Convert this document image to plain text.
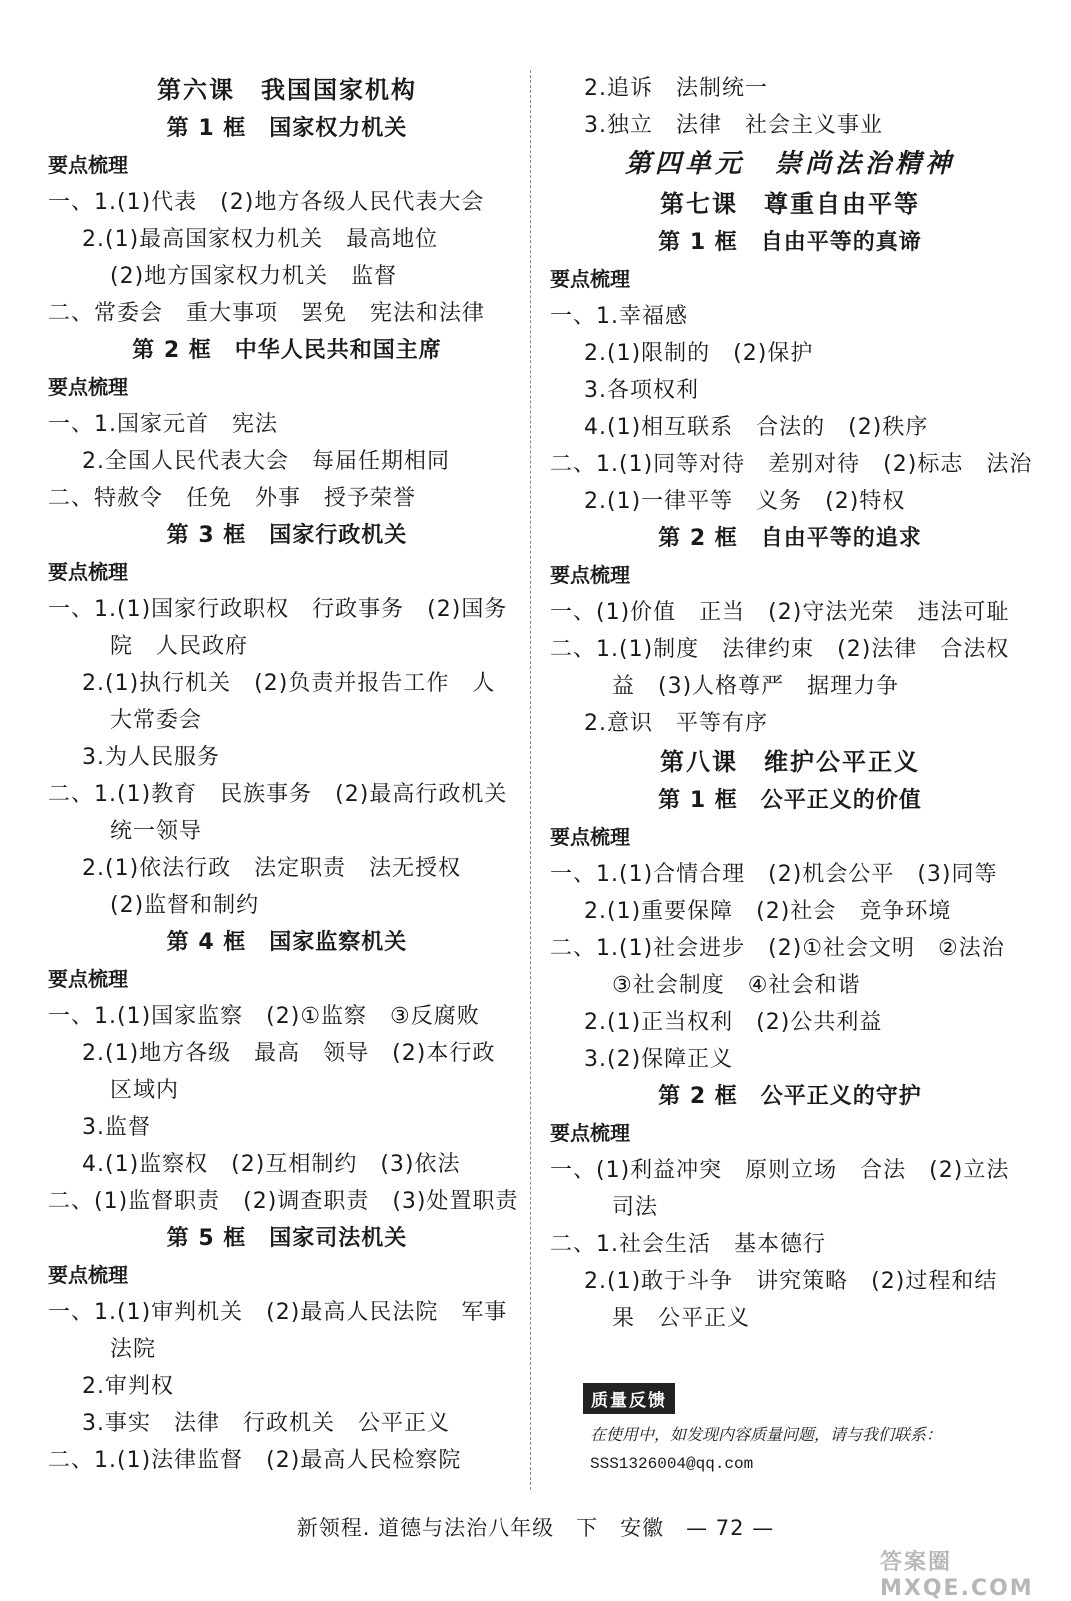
第六课　我国国家机构
第 1 框　国家权力机关
要点梳理
一、1.(1)代表　(2)地方各级人民代表大会
2.(1)最高国家权力机关　最高地位
(2)地方国家权力机关　监督
二、常委会　重大事项　罢免　宪法和法律
第 2 框　中华人民共和国主席
要点梳理
一、1.国家元首　宪法
2.全国人民代表大会　每届任期相同
二、特赦令　任免　外事　授予荣誉
第 3 框　国家行政机关
要点梳理
一、1.(1)国家行政职权　行政事务　(2)国务
院　人民政府
2.(1)执行机关　(2)负责并报告工作　人
大常委会
3.为人民服务
二、1.(1)教育　民族事务　(2)最高行政机关
统一领导
2.(1)依法行政　法定职责　法无授权
(2)监督和制约
第 4 框　国家监察机关
要点梳理
一、1.(1)国家监察　(2)①监察　③反腐败
2.(1)地方各级　最高　领导　(2)本行政
区域内
3.监督
4.(1)监察权　(2)互相制约　(3)依法
二、(1)监督职责　(2)调查职责　(3)处置职责
第 5 框　国家司法机关
要点梳理
一、1.(1)审判机关　(2)最高人民法院　军事
法院
2.审判权
3.事实　法律　行政机关　公平正义
二、1.(1)法律监督　(2)最高人民检察院
2.追诉　法制统一
3.独立　法律　社会主义事业
第四单元　崇尚法治精神
第七课　尊重自由平等
第 1 框　自由平等的真谛
要点梳理
一、1.幸福感
2.(1)限制的　(2)保护
3.各项权利
4.(1)相互联系　合法的　(2)秩序
二、1.(1)同等对待　差别对待　(2)标志　法治
2.(1)一律平等　义务　(2)特权
第 2 框　自由平等的追求
要点梳理
一、(1)价值　正当　(2)守法光荣　违法可耻
二、1.(1)制度　法律约束　(2)法律　合法权
益　(3)人格尊严　据理力争
2.意识　平等有序
第八课　维护公平正义
第 1 框　公平正义的价值
要点梳理
一、1.(1)合情合理　(2)机会公平　(3)同等
2.(1)重要保障　(2)社会　竞争环境
二、1.(1)社会进步　(2)①社会文明　②法治
③社会制度　④社会和谐
2.(1)正当权利　(2)公共利益
3.(2)保障正义
第 2 框　公平正义的守护
要点梳理
一、(1)利益冲突　原则立场　合法　(2)立法
司法
二、1.社会生活　基本德行
2.(1)敢于斗争　讲究策略　(2)过程和结
果　公平正义
质量反馈
在使用中，如发现内容质量问题，请与我们联系：
SSS1326004@qq.com
新领程. 道德与法治八年级　下　安徽　— 72 —
答案圈 MXQE.COM
